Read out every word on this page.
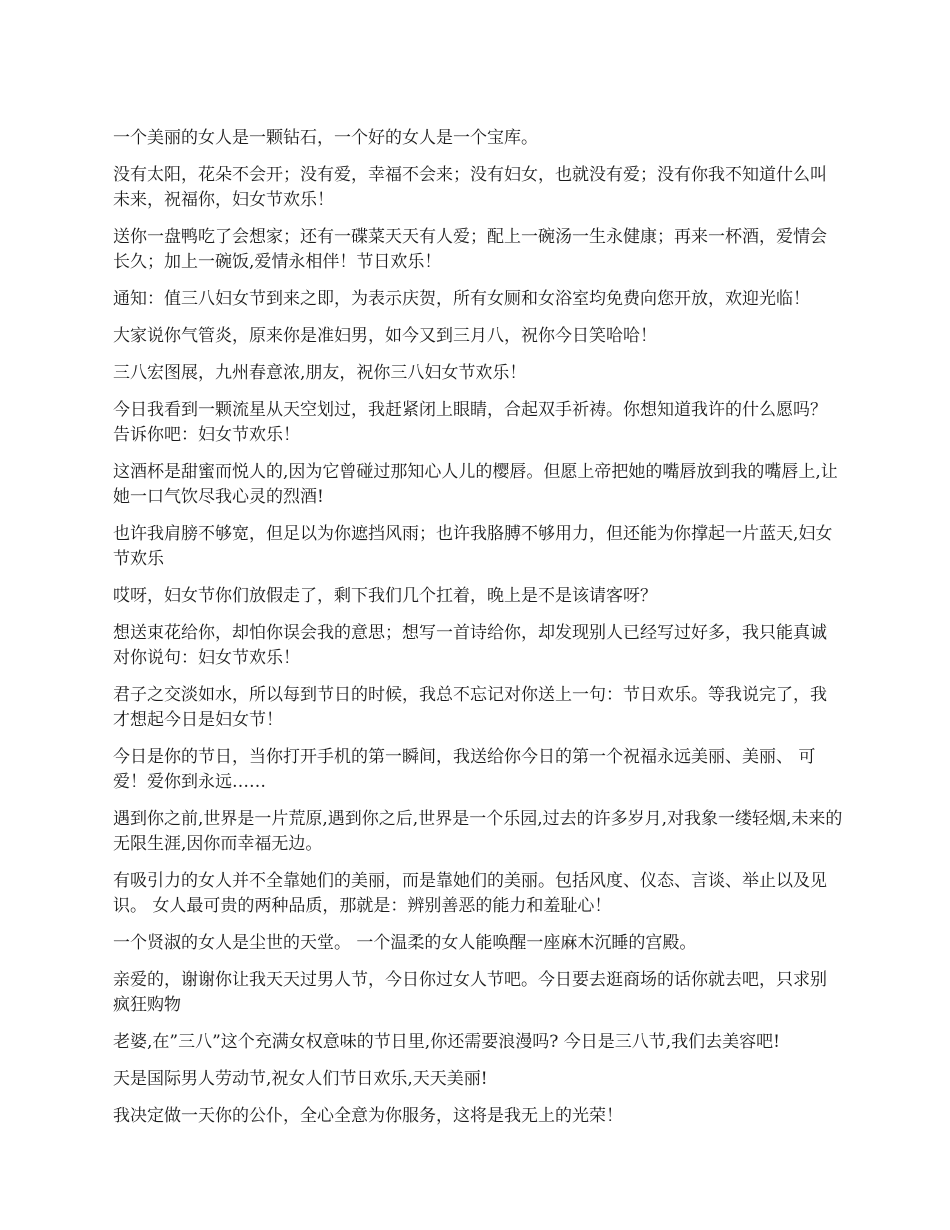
一个美丽的女人是一颗钻石，一个好的女人是一个宝库。

没有太阳，花朵不会开；没有爱，幸福不会来；没有妇女，也就没有爱；没有你我不知道什么叫未来，祝福你，妇女节欢乐！

送你一盘鸭吃了会想家；还有一碟菜天天有人爱；配上一碗汤一生永健康；再来一杯酒，爱情会长久；加上一碗饭,爱情永相伴！节日欢乐！

通知：值三八妇女节到来之即，为表示庆贺，所有女厕和女浴室均免费向您开放，欢迎光临！

大家说你气管炎，原来你是准妇男，如今又到三月八，祝你今日笑哈哈！

三八宏图展，九州春意浓,朋友，祝你三八妇女节欢乐！

今日我看到一颗流星从天空划过，我赶紧闭上眼睛，合起双手祈祷。你想知道我许的什么愿吗？告诉你吧：妇女节欢乐！

这酒杯是甜蜜而悦人的,因为它曾碰过那知心人儿的樱唇。但愿上帝把她的嘴唇放到我的嘴唇上,让她一口气饮尽我心灵的烈酒!

也许我肩膀不够宽，但足以为你遮挡风雨；也许我胳膊不够用力，但还能为你撑起一片蓝天,妇女节欢乐

哎呀，妇女节你们放假走了，剩下我们几个扛着，晚上是不是该请客呀？

想送束花给你，却怕你误会我的意思；想写一首诗给你，却发现别人已经写过好多，我只能真诚对你说句：妇女节欢乐！

君子之交淡如水，所以每到节日的时候，我总不忘记对你送上一句：节日欢乐。等我说完了，我才想起今日是妇女节！

今日是你的节日，当你打开手机的第一瞬间，我送给你今日的第一个祝福永远美丽、美丽、 可爱！爱你到永远……

遇到你之前,世界是一片荒原,遇到你之后,世界是一个乐园,过去的许多岁月,对我象一缕轻烟,未来的无限生涯,因你而幸福无边。

有吸引力的女人并不全靠她们的美丽，而是靠她们的美丽。包括风度、仪态、言谈、举止以及见识。 女人最可贵的两种品质，那就是：辨别善恶的能力和羞耻心！

一个贤淑的女人是尘世的天堂。 一个温柔的女人能唤醒一座麻木沉睡的宫殿。

亲爱的，谢谢你让我天天过男人节，今日你过女人节吧。今日要去逛商场的话你就去吧，只求别疯狂购物

老婆,在”三八”这个充满女权意味的节日里,你还需要浪漫吗? 今日是三八节,我们去美容吧!

天是国际男人劳动节,祝女人们节日欢乐,天天美丽!

我决定做一天你的公仆，全心全意为你服务，这将是我无上的光荣！
